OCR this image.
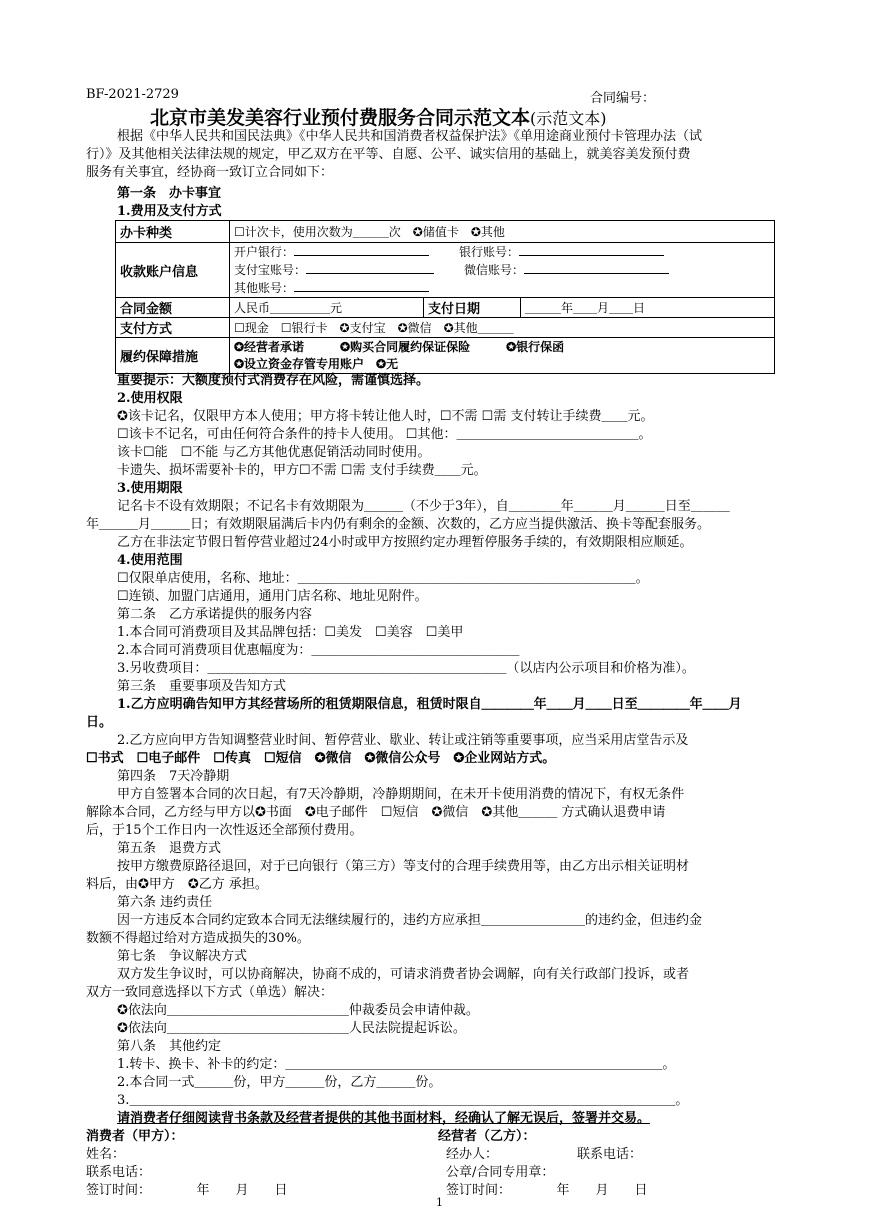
BF-2021-2729	合同编号：
北京市美发美容行业预付费服务合同示范文本(示范文本)
根据《中华人民共和国民法典》《中华人民共和国消费者权益保护法》《单用途商业预付卡管理办法（试
行）》及其他相关法律法规的规定，甲乙双方在平等、自愿、公平、诚实信用的基础上，就美容美发预付费
服务有关事宜，经协商一致订立合同如下：
第一条　办卡事宜
1.费用及支付方式
办卡种类	☐计次卡，使用次数为＿＿＿次　✪储值卡　✪其他		
收款账户信息	开户银行： 银行账号：
支付宝账号： 微信账号：
其他账号：		

合同金额	人民币＿＿＿＿＿元	支付日期	＿＿＿年＿＿月＿＿日
支付方式	☐现金　☐银行卡　✪支付宝　✪微信　✪其他＿＿＿		
履约保障措施	✪经营者承诺　　　✪购买合同履约保证保险　　　✪银行保函
✪设立资金存管专用账户　✪无		
重要提示：大额度预付式消费存在风险，需谨慎选择。
2.使用权限
✪该卡记名，仅限甲方本人使用；甲方将卡转让他人时，☐不需 ☐需 支付转让手续费＿＿元。
☐该卡不记名，可由任何符合条件的持卡人使用。 ☐其他：＿＿＿＿＿＿＿＿＿＿＿＿＿＿。
该卡☐能　☐不能 与乙方其他优惠促销活动同时使用。
卡遗失、损坏需要补卡的，甲方☐不需 ☐需 支付手续费＿＿元。
3.使用期限
记名卡不设有效期限；不记名卡有效期限为＿＿＿（不少于3年），自＿＿＿＿年＿＿＿月＿＿＿日至＿＿＿
年＿＿＿月＿＿＿日；有效期限届满后卡内仍有剩余的金额、次数的，乙方应当提供激活、换卡等配套服务。
乙方在非法定节假日暂停营业超过24小时或甲方按照约定办理暂停服务手续的，有效期限相应顺延。
4.使用范围
☐仅限单店使用，名称、地址：＿＿＿＿＿＿＿＿＿＿＿＿＿＿＿＿＿＿＿＿＿＿＿＿＿＿。
☐连锁、加盟门店通用，通用门店名称、地址见附件。
第二条　乙方承诺提供的服务内容
1.本合同可消费项目及其品牌包括：☐美发　☐美容　☐美甲
2.本合同可消费项目优惠幅度为：＿＿＿＿＿＿＿＿＿＿＿＿＿＿＿＿
3.另收费项目：＿＿＿＿＿＿＿＿＿＿＿＿＿＿＿＿＿＿＿＿＿＿＿（以店内公示项目和价格为准）。
第三条　重要事项及告知方式
1.乙方应明确告知甲方其经营场所的租赁期限信息，租赁时限自＿＿＿＿年＿＿月＿＿日至＿＿＿＿年＿＿月
日。
2.乙方应向甲方告知调整营业时间、暂停营业、歇业、转让或注销等重要事项，应当采用店堂告示及
☐书式　☐电子邮件　☐传真　☐短信　✪微信　✪微信公众号　✪企业网站方式。
第四条　7天冷静期
甲方自签署本合同的次日起，有7天冷静期，冷静期期间，在未开卡使用消费的情况下，有权无条件
解除本合同，乙方经与甲方以✪书面　✪电子邮件　☐短信　✪微信　✪其他＿＿＿ 方式确认退费申请
后，于15个工作日内一次性返还全部预付费用。
第五条　退费方式
按甲方缴费原路径退回，对于已向银行（第三方）等支付的合理手续费用等，由乙方出示相关证明材
料后，由✪甲方　✪乙方 承担。
第六条 违约责任
因一方违反本合同约定致本合同无法继续履行的，违约方应承担＿＿＿＿＿＿＿＿的违约金，但违约金
数额不得超过给对方造成损失的30%。
第七条　争议解决方式
双方发生争议时，可以协商解决，协商不成的，可请求消费者协会调解，向有关行政部门投诉，或者
双方一致同意选择以下方式（单选）解决：
✪依法向＿＿＿＿＿＿＿＿＿＿＿＿＿＿仲裁委员会申请仲裁。
✪依法向＿＿＿＿＿＿＿＿＿＿＿＿＿＿人民法院提起诉讼。
第八条　其他约定
1.转卡、换卡、补卡的约定：＿＿＿＿＿＿＿＿＿＿＿＿＿＿＿＿＿＿＿＿＿＿＿＿＿＿＿＿＿。
2.本合同一式＿＿＿份，甲方＿＿＿份，乙方＿＿＿份。
3.＿＿＿＿＿＿＿＿＿＿＿＿＿＿＿＿＿＿＿＿＿＿＿＿＿＿＿＿＿＿＿＿＿＿＿＿＿＿＿＿＿＿。
请消费者仔细阅读背书条款及经营者提供的其他书面材料，经确认了解无误后，签署并交易。
消费者（甲方）：
姓名：
联系电话：
签订时间：　　　　年　　月　　日
经营者（乙方）：
经办人：	联系电话：
公章/合同专用章：
签订时间：　　　　年　　月　　日
1
